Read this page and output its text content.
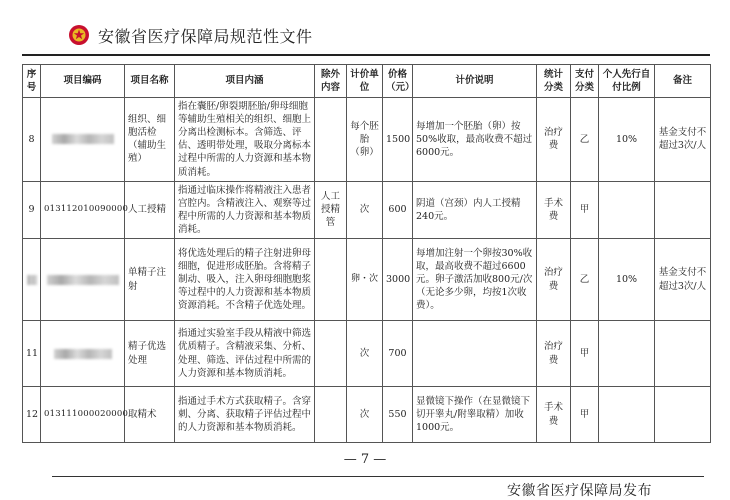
安徽省医疗保障局规范性文件
序号	项目编码	项目名称	项目内涵	除外内容	计价单位	价格（元）	计价说明	统计分类	支付分类	个人先行自付比例	备注
8		组织、细胞活检（辅助生殖）	指在囊胚/卵裂期胚胎/卵母细胞等辅助生殖相关的组织、细胞上分离出检测标本。含筛选、评估、透明带处理，吸取分离标本过程中所需的人力资源和基本物质消耗。		每个胚胎（卵）	1500	每增加一个胚胎（卵）按50%收取，最高收费不超过6000元。	治疗费	乙	10%	基金支付不超过3次/人
9	013112010090000	人工授精	指通过临床操作将精液注入患者宫腔内。含精液注入、观察等过程中所需的人力资源和基本物质消耗。	人工授精管	次	600	阴道（宫颈）内人工授精240元。	手术费	甲		
		单精子注射	将优选处理后的精子注射进卵母细胞，促进形成胚胎。含将精子制动、吸入，注入卵母细胞胞浆等过程中的人力资源和基本物质资源消耗。不含精子优选处理。		卵・次	3000	每增加注射一个卵按30%收取，最高收费不超过6600元。卵子激活加收800元/次（无论多少卵，均按1次收费）。	治疗费	乙	10%	基金支付不超过3次/人
11		精子优选处理	指通过实验室手段从精液中筛选优质精子。含精液采集、分析、处理、筛选、评估过程中所需的人力资源和基本物质消耗。		次	700		治疗费	甲		
12	013111000020000	取精术	指通过手术方式获取精子。含穿刺、分离、获取精子评估过程中的人力资源和基本物质消耗。		次	550	显微镜下操作（在显微镜下切开睾丸/附睾取精）加收1000元。	手术费	甲		
— 7 —
安徽省医疗保障局发布
